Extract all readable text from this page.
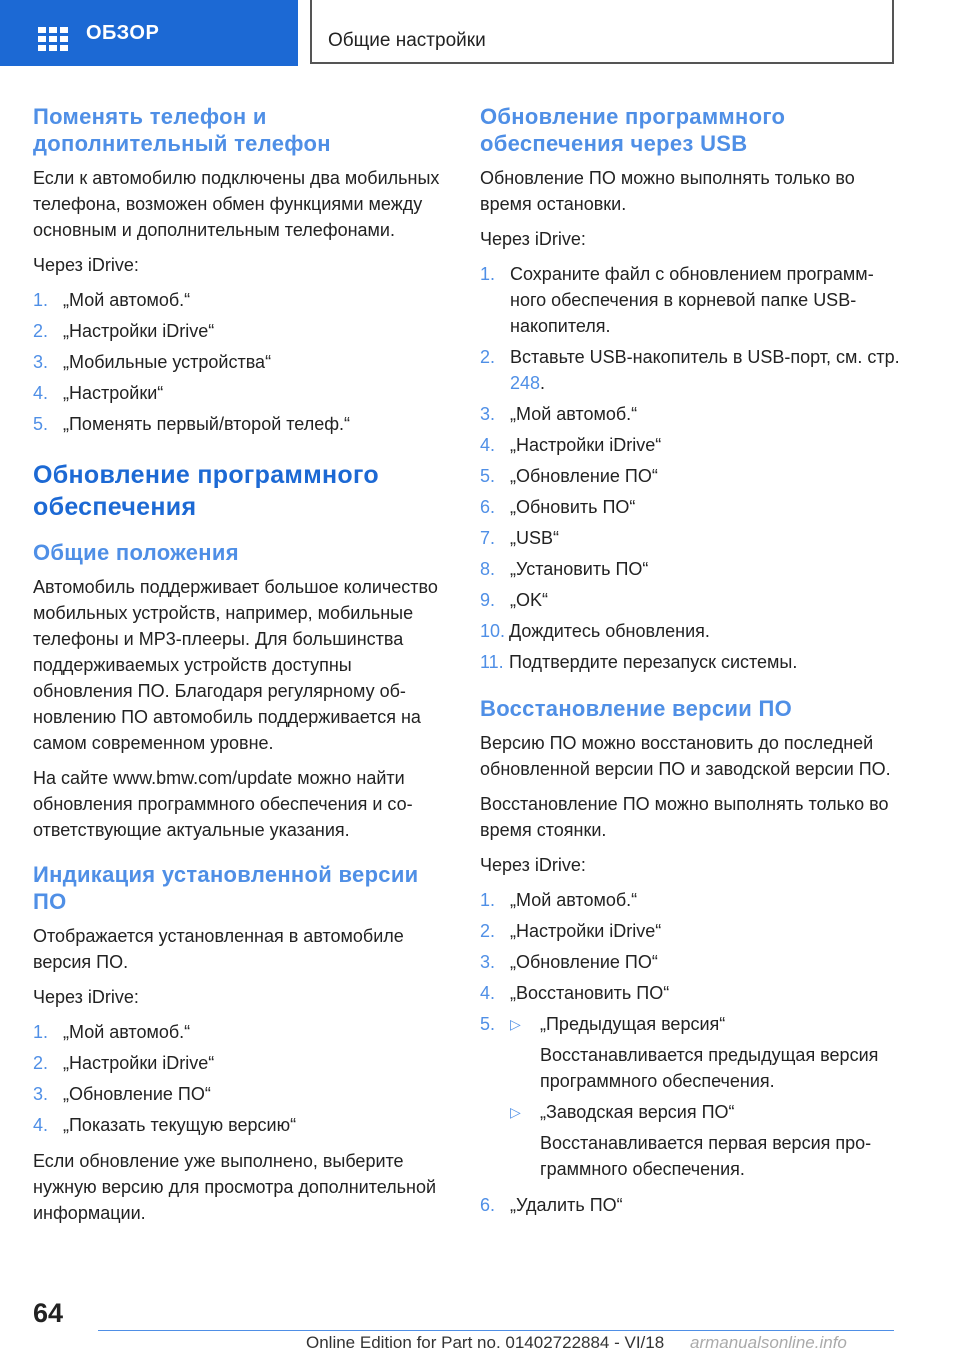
ОБЗОР	Общие настройки
Поменять телефон и дополнительный телефон

Если к автомобилю подключены два мобильных телефона, возможен обмен функциями между основным и дополнительным телефонами.

Через iDrive:

1. „Мой автомоб.“
2. „Настройки iDrive“
3. „Мобильные устройства“
4. „Настройки“
5. „Поменять первый/второй телеф.“
Обновление программного обеспечения
Общие положения

Автомобиль поддерживает большое количество мобильных устройств, например, мобильные телефоны и MP3-плееры. Для большинства поддерживаемых устройств доступны обновления ПО. Благодаря регулярному обновлению ПО автомобиль поддерживается на самом современном уровне.

На сайте www.bmw.com/update можно найти обновления программного обеспечения и соответствующие актуальные указания.

Индикация установленной версии ПО

Отображается установленная в автомобиле версия ПО.

Через iDrive:

1. „Мой автомоб.“
2. „Настройки iDrive“
3. „Обновление ПО“
4. „Показать текущую версию“

Если обновление уже выполнено, выберите нужную версию для просмотра дополнительной информации.

Обновление программного обеспечения через USB

Обновление ПО можно выполнять только во время остановки.

Через iDrive:

1. Сохраните файл с обновлением программного обеспечения в корневой папке USB-накопителя.
2. Вставьте USB-накопитель в USB-порт, см. стр. 248.
3. „Мой автомоб.“
4. „Настройки iDrive“
5. „Обновление ПО“
6. „Обновить ПО“
7. „USB“
8. „Установить ПО“
9. „OK“
10. Дождитесь обновления.
11. Подтвердите перезапуск системы.
Восстановление версии ПО

Версию ПО можно восстановить до последней обновленной версии ПО и заводской версии ПО.

Восстановление ПО можно выполнять только во время стоянки.

Через iDrive:

1. „Мой автомоб.“
2. „Настройки iDrive“
3. „Обновление ПО“
4. „Восстановить ПО“
5.	▷	„Предыдущая версия“
Восстанавливается предыдущая версия программного обеспечения.
▷	„Заводская версия ПО“
Восстанавливается первая версия программного обеспечения.
6. „Удалить ПО“
64
Online Edition for Part no. 01402722884 - VI/18 armanualsonline.info
